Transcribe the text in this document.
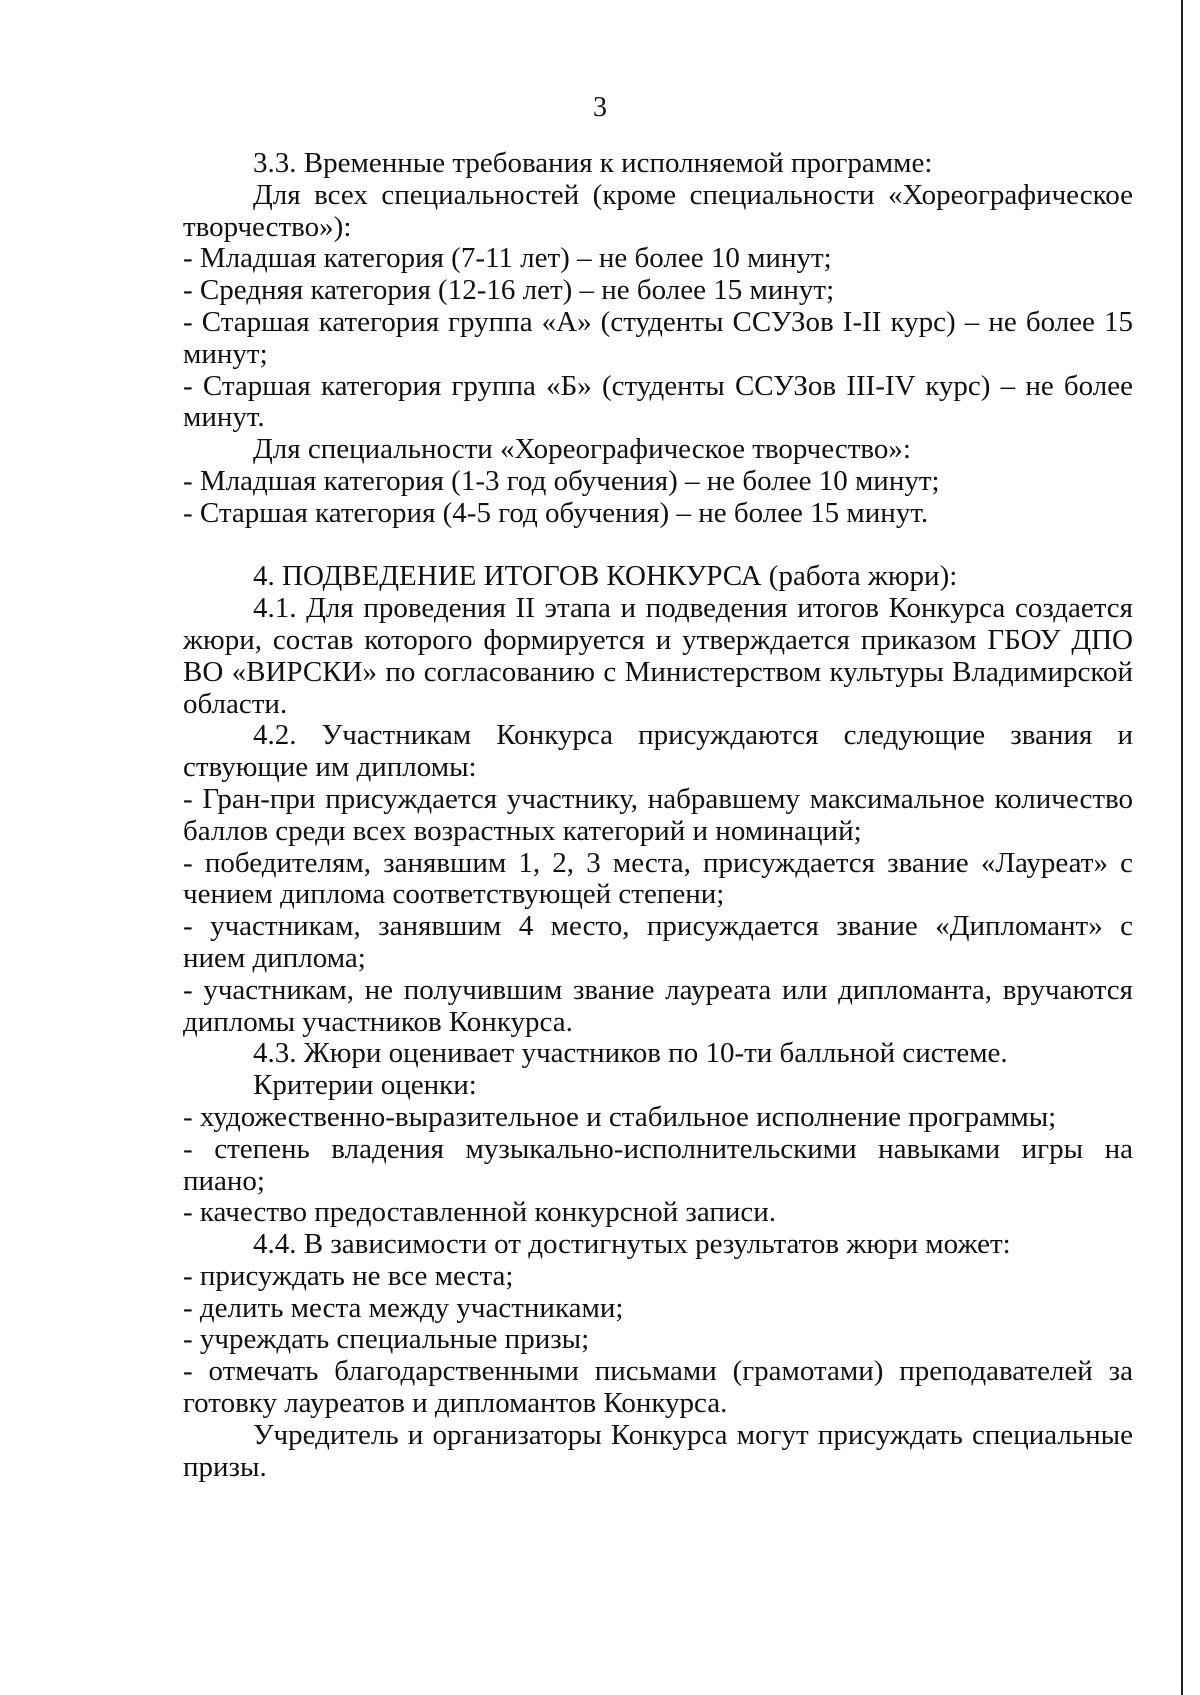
3
3.3. Временные требования к исполняемой программе:
Для всех специальностей (кроме специальности «Хореографическое
творчество»):
- Младшая категория (7-11 лет) – не более 10 минут;
- Средняя категория (12-16 лет) – не более 15 минут;
- Старшая категория группа «А» (студенты ССУЗов I-II курс) – не более 15
минут;
- Старшая категория группа «Б» (студенты ССУЗов III-IV курс) – не более
минут.
Для специальности «Хореографическое творчество»:
- Младшая категория (1-3 год обучения) – не более 10 минут;
- Старшая категория (4-5 год обучения) – не более 15 минут.
4. ПОДВЕДЕНИЕ ИТОГОВ КОНКУРСА (работа жюри):
4.1. Для проведения II этапа и подведения итогов Конкурса создается
жюри, состав которого формируется и утверждается приказом ГБОУ ДПО
ВО «ВИРСКИ» по согласованию с Министерством культуры Владимирской
области.
4.2. Участникам Конкурса присуждаются следующие звания и
ствующие им дипломы:
- Гран-при присуждается участнику, набравшему максимальное количество
баллов среди всех возрастных категорий и номинаций;
- победителям, занявшим 1, 2, 3 места, присуждается звание «Лауреат» с
чением диплома соответствующей степени;
- участникам, занявшим 4 место, присуждается звание «Дипломант» с
нием диплома;
- участникам, не получившим звание лауреата или дипломанта, вручаются
дипломы участников Конкурса.
4.3. Жюри оценивает участников по 10-ти балльной системе.
Критерии оценки:
- художественно-выразительное и стабильное исполнение программы;
- степень владения музыкально-исполнительскими навыками игры на
пиано;
- качество предоставленной конкурсной записи.
4.4. В зависимости от достигнутых результатов жюри может:
- присуждать не все места;
- делить места между участниками;
- учреждать специальные призы;
- отмечать благодарственными письмами (грамотами) преподавателей за
готовку лауреатов и дипломантов Конкурса.
Учредитель и организаторы Конкурса могут присуждать специальные
призы.
